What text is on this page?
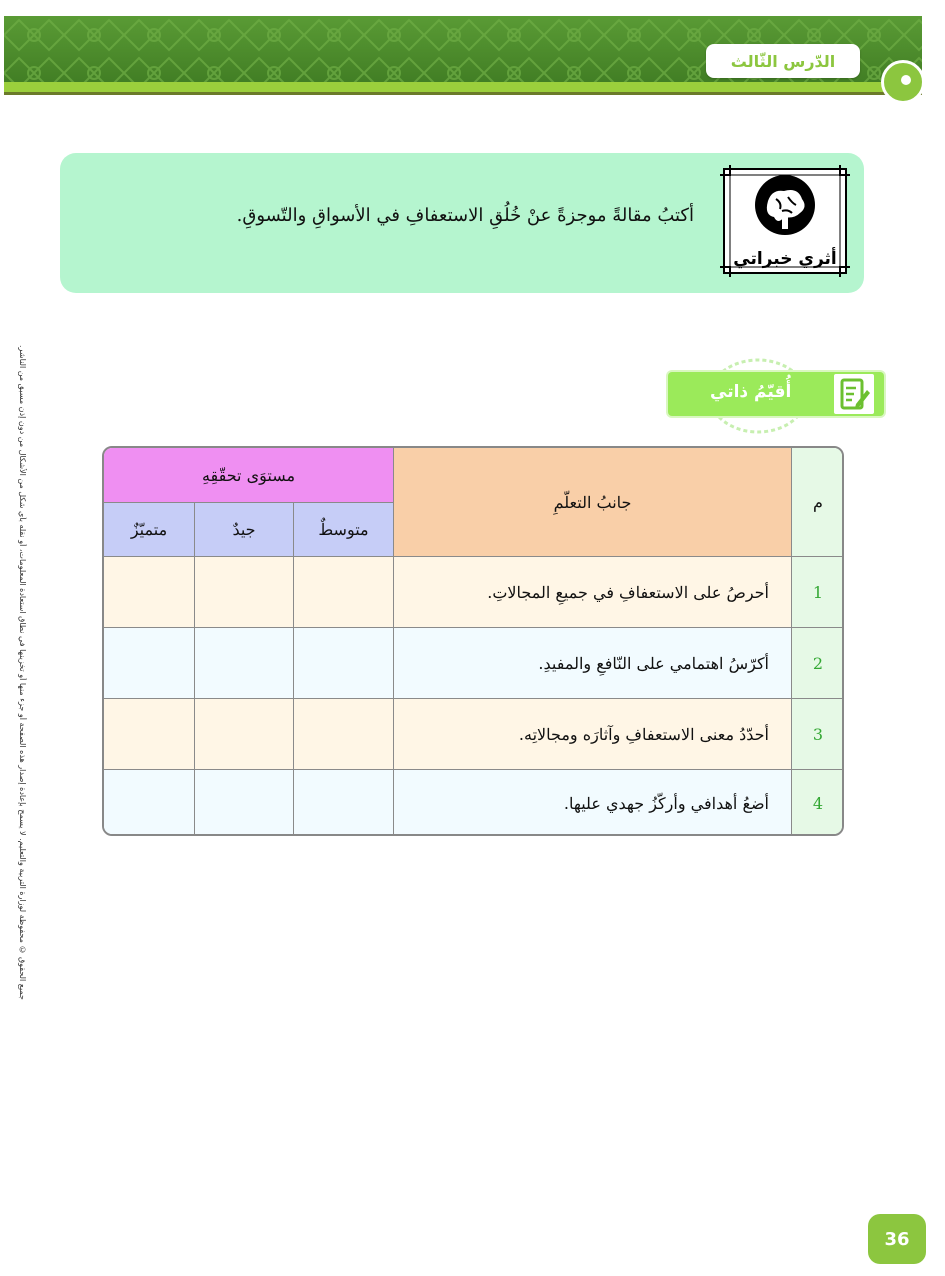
الدّرس الثّالث
جميع الحقوق © محفوظة لوزارة التربية والتعليم. لا يسمح بإعادة إصدار هذه الصفحة أو جزء منها أو تخزينها في نطاق استعادة المعلومات، أو نقله بأي شكل من الأشكال من دون إذن مسبق من الناشر.
أكتبُ مقالةً موجزةً عنْ خُلُقِ الاستعفافِ في الأسواقِ والتّسوقِ.
أثري خبراتي
أُقيّمُ ذاتي
م
جانبُ التعلّمِ
مستوَى تحقّقِهِ
متوسطٌ
جيدٌ
متميّزٌ
1
أحرصُ على الاستعفافِ في جميعِ المجالاتِ.
2
أكرّسُ اهتمامي على النّافعِ والمفيدِ.
3
أحدّدُ معنى الاستعفافِ وآثارَه ومجالاتِه.
4
أضعُ أهدافي وأركّزُ جهدي عليها.
36
